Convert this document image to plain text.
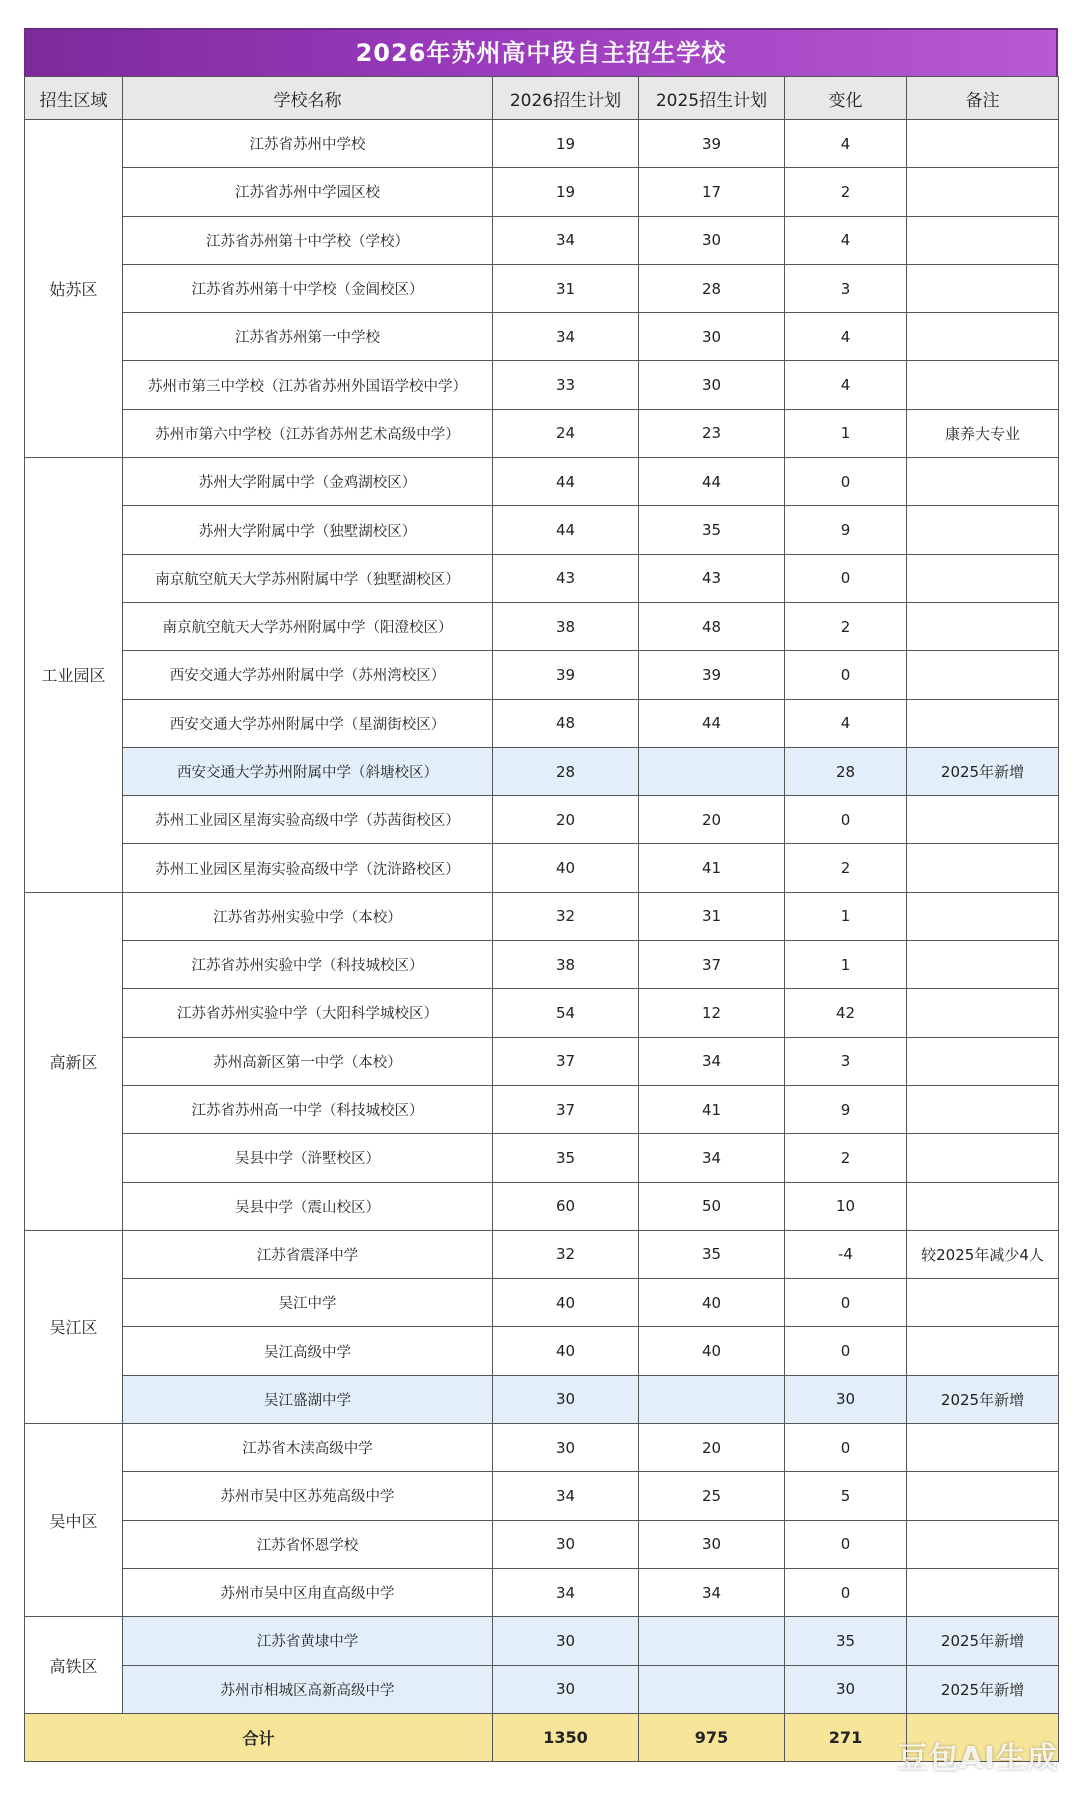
2026年苏州高中段自主招生学校
招生区域	学校名称	2026招生计划	2025招生计划	变化	备注
姑苏区	江苏省苏州中学校	19	39	4	
	江苏省苏州中学园区校	19	17	2	
	江苏省苏州第十中学校（学校）	34	30	4	
	江苏省苏州第十中学校（金阊校区）	31	28	3	
	江苏省苏州第一中学校	34	30	4	
	苏州市第三中学校（江苏省苏州外国语学校中学）	33	30	4	
	苏州市第六中学校（江苏省苏州艺术高级中学）	24	23	1	康养大专业
工业园区	苏州大学附属中学（金鸡湖校区）	44	44	0	
	苏州大学附属中学（独墅湖校区）	44	35	9	
	南京航空航天大学苏州附属中学（独墅湖校区）	43	43	0	
	南京航空航天大学苏州附属中学（阳澄校区）	38	48	2	
	西安交通大学苏州附属中学（苏州湾校区）	39	39	0	
	西安交通大学苏州附属中学（星湖街校区）	48	44	4	
	西安交通大学苏州附属中学（斜塘校区）	28		28	2025年新增
	苏州工业园区星海实验高级中学（苏茜街校区）	20	20	0	
	苏州工业园区星海实验高级中学（沈浒路校区）	40	41	2	
高新区	江苏省苏州实验中学（本校）	32	31	1	
	江苏省苏州实验中学（科技城校区）	38	37	1	
	江苏省苏州实验中学（大阳科学城校区）	54	12	42	
	苏州高新区第一中学（本校）	37	34	3	
	江苏省苏州高一中学（科技城校区）	37	41	9	
	吴县中学（浒墅校区）	35	34	2	
	吴县中学（震山校区）	60	50	10	
吴江区	江苏省震泽中学	32	35	-4	较2025年减少4人
	吴江中学	40	40	0	
	吴江高级中学	40	40	0	
	吴江盛湖中学	30		30	2025年新增
吴中区	江苏省木渎高级中学	30	20	0	
	苏州市吴中区苏苑高级中学	34	25	5	
	江苏省怀恩学校	30	30	0	
	苏州市吴中区甪直高级中学	34	34	0	
高铁区	江苏省黄埭中学	30		35	2025年新增
	苏州市相城区高新高级中学	30		30	2025年新增
合计		1350	975	271	
豆包AI生成
